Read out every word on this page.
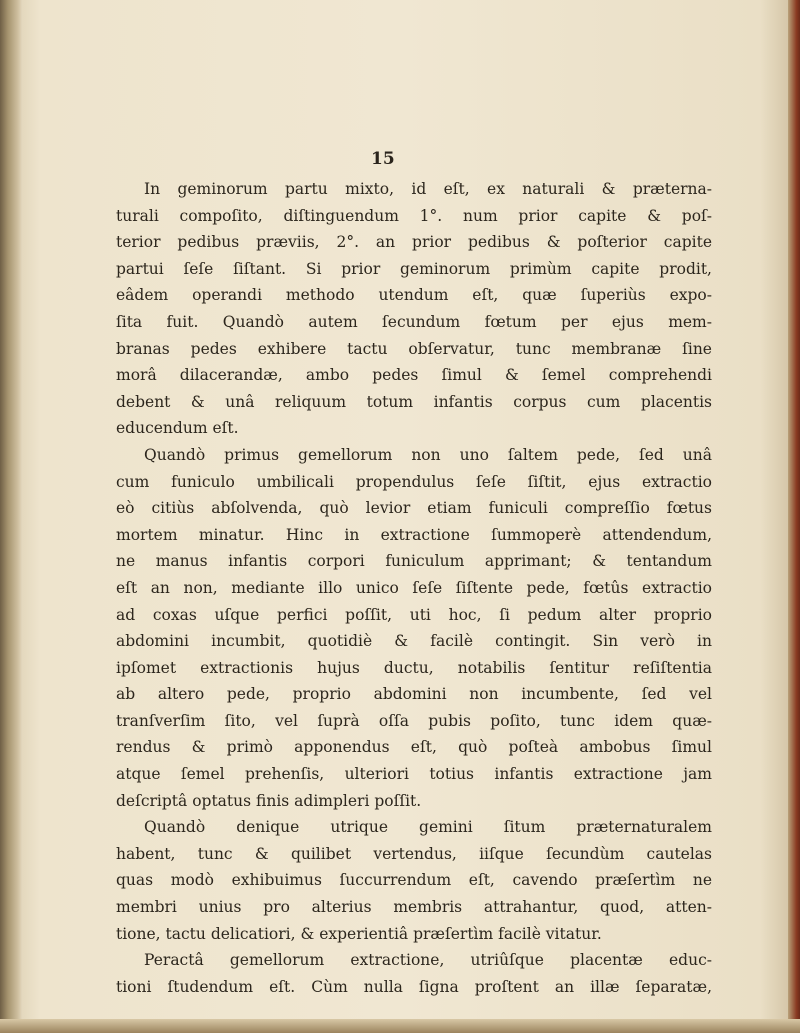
15
In geminorum partu mixto, id eſt, ex naturali & præterna-
turali compoſito, diſtinguendum 1°. num prior capite & poſ-
terior pedibus præviis, 2°. an prior pedibus & poſterior capite
partui ſeſe ſiſtant. Si prior geminorum primùm capite prodit,
eâdem operandi methodo utendum eſt, quæ ſuperiùs expo-
ſita fuit. Quandò autem ſecundum fœtum per ejus mem-
branas pedes exhibere tactu obſervatur, tunc membranæ ſine
morâ dilacerandæ, ambo pedes ſimul & ſemel comprehendi
debent & unâ reliquum totum infantis corpus cum placentis
educendum eſt.
Quandò primus gemellorum non uno ſaltem pede, ſed unâ
cum funiculo umbilicali propendulus ſeſe ſiſtit, ejus extractio
eò citiùs abſolvenda, quò levior etiam funiculi compreſſio fœtus
mortem minatur. Hinc in extractione ſummoperè attendendum,
ne manus infantis corpori funiculum apprimant; & tentandum
eſt an non, mediante illo unico ſeſe ſiſtente pede, fœtûs extractio
ad coxas uſque perfici poſſit, uti hoc, ſi pedum alter proprio
abdomini incumbit, quotidiè & facilè contingit. Sin verò in
ipſomet extractionis hujus ductu, notabilis ſentitur reſiſtentia
ab altero pede, proprio abdomini non incumbente, ſed vel
tranſverſim ſito, vel ſuprà oſſa pubis poſito, tunc idem quæ-
rendus & primò apponendus eſt, quò poſteà ambobus ſimul
atque ſemel prehenſis, ulteriori totius infantis extractione jam
deſcriptâ optatus finis adimpleri poſſit.
Quandò denique utrique gemini ſitum præternaturalem
habent, tunc & quilibet vertendus, iiſque ſecundùm cautelas
quas modò exhibuimus ſuccurrendum eſt, cavendo præſertìm ne
membri unius pro alterius membris attrahantur, quod, atten-
tione, tactu delicatiori, & experientiâ præſertìm facilè vitatur.
Peractâ gemellorum extractione, utriûſque placentæ educ-
tioni ſtudendum eſt. Cùm nulla ſigna proſtent an illæ ſeparatæ,
